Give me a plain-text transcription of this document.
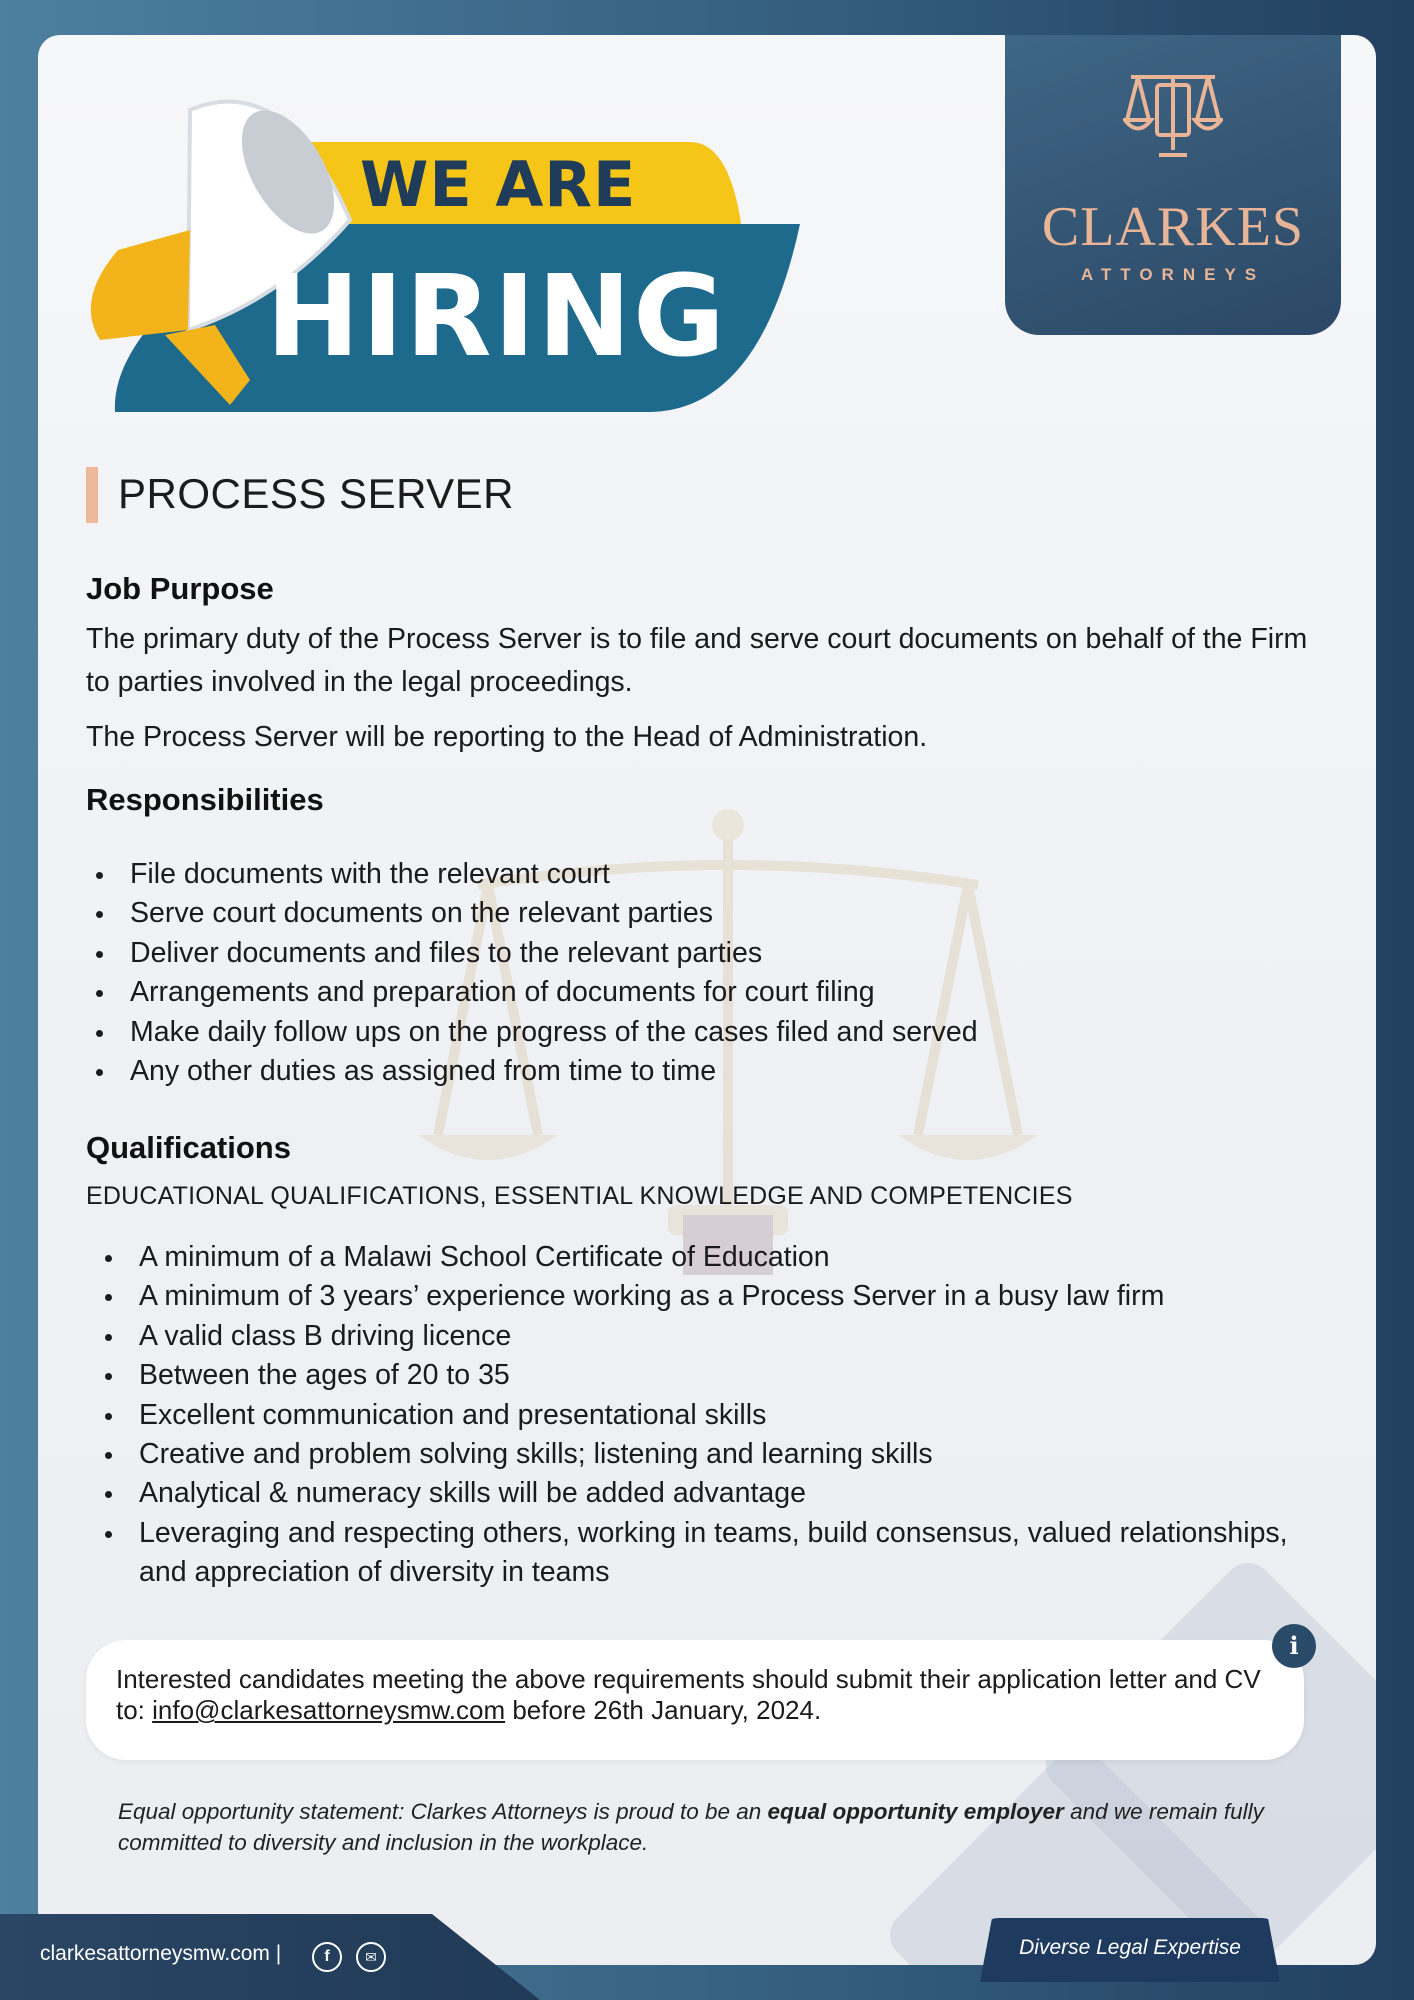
CLARKES
ATTORNEYS
WE ARE
HIRING
PROCESS SERVER
Job Purpose
The primary duty of the Process Server is to file and serve court documents on behalf of the Firm to parties involved in the legal proceedings.
The Process Server will be reporting to the Head of Administration.
Responsibilities
File documents with the relevant court
Serve court documents on the relevant parties
Deliver documents and files to the relevant parties
Arrangements and preparation of documents for court filing
Make daily follow ups on the progress of the cases filed and served
Any other duties as assigned from time to time
Qualifications
EDUCATIONAL QUALIFICATIONS, ESSENTIAL KNOWLEDGE AND COMPETENCIES
A minimum of a Malawi School Certificate of Education
A minimum of 3 years’ experience working as a Process Server in a busy law firm
A valid class B driving licence
Between the ages of 20 to 35
Excellent communication and presentational skills
Creative and problem solving skills; listening and learning skills
Analytical & numeracy skills will be added advantage
Leveraging and respecting others, working in teams, build consensus, valued relationships, and appreciation of diversity in teams
Interested candidates meeting the above requirements should submit their application letter and CV to: info@clarkesattorneysmw.com before 26th January, 2024.
i
Equal opportunity statement: Clarkes Attorneys is proud to be an equal opportunity employer and we remain fully committed to diversity and inclusion in the workplace.
clarkesattorneysmw.com |	f	✉	Diverse Legal Expertise
